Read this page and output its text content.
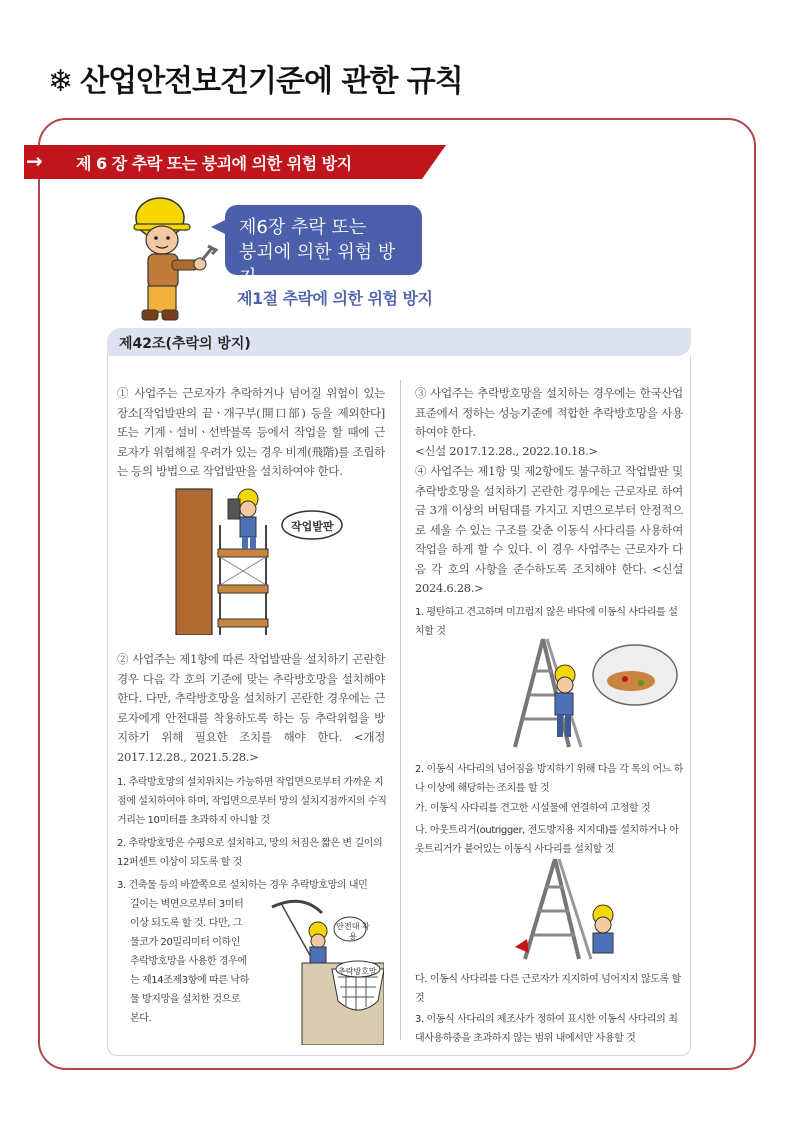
❄ 산업안전보건기준에 관한 규칙
→ 제 6 장 추락 또는 붕괴에 의한 위험 방지
제6장 추락 또는
붕괴에 의한 위험 방지
제1절 추락에 의한 위험 방지
제42조(추락의 방지)
① 사업주는 근로자가 추락하거나 넘어질 위험이 있는 장소[작업발판의 끝ㆍ개구부(開口部) 등을 제외한다] 또는 기계ㆍ설비ㆍ선박블록 등에서 작업을 할 때에 근로자가 위험해질 우려가 있는 경우 비계(飛階)를 조립하는 등의 방법으로 작업발판을 설치하여야 한다.
작업발판
② 사업주는 제1항에 따른 작업발판을 설치하기 곤란한 경우 다음 각 호의 기준에 맞는 추락방호망을 설치해야 한다. 다만, 추락방호망을 설치하기 곤란한 경우에는 근로자에게 안전대를 착용하도록 하는 등 추락위험을 방지하기 위해 필요한 조치를 해야 한다. <개정 2017.12.28., 2021.5.28.>
1. 추락방호망의 설치위치는 가능하면 작업면으로부터 가까운 지점에 설치하여야 하며, 작업면으로부터 망의 설치지점까지의 수직거리는 10미터를 초과하지 아니할 것
2. 추락방호망은 수평으로 설치하고, 망의 처짐은 짧은 변 길이의 12퍼센트 이상이 되도록 할 것
3. 건축물 등의 바깥쪽으로 설치하는 경우 추락방호망의 내민
길이는 벽면으로부터 3미터 이상 되도록 할 것. 다만, 그물코가 20밀리미터 이하인 추락방호망을 사용한 경우에는 제14조제3항에 따른 낙하물 방지망을 설치한 것으로 본다.
안전대 착용
추락방호망
③ 사업주는 추락방호망을 설치하는 경우에는 한국산업표준에서 정하는 성능기준에 적합한 추락방호망을 사용하여야 한다.
<신설 2017.12.28., 2022.10.18.>
④ 사업주는 제1항 및 제2항에도 불구하고 작업발판 및 추락방호망을 설치하기 곤란한 경우에는 근로자로 하여금 3개 이상의 버팀대를 가지고 지면으로부터 안정적으로 세울 수 있는 구조를 갖춘 이동식 사다리를 사용하여 작업을 하게 할 수 있다. 이 경우 사업주는 근로자가 다음 각 호의 사항을 준수하도록 조치해야 한다. <신설 2024.6.28.>
1. 평탄하고 견고하며 미끄럽지 않은 바닥에 이동식 사다리를 설치할 것
2. 이동식 사다리의 넘어짐을 방지하기 위해 다음 각 목의 어느 하나 이상에 해당하는 조치를 할 것
가. 이동식 사다리를 견고한 시설물에 연결하여 고정할 것
나. 아웃트리거(outrigger, 전도방지용 지지대)를 설치하거나 아웃트리거가 붙어있는 이동식 사다리를 설치할 것
다. 이동식 사다리를 다른 근로자가 지지하여 넘어지지 않도록 할 것
3. 이동식 사다리의 제조사가 정하여 표시한 이동식 사다리의 최대사용하중을 초과하지 않는 범위 내에서만 사용할 것
